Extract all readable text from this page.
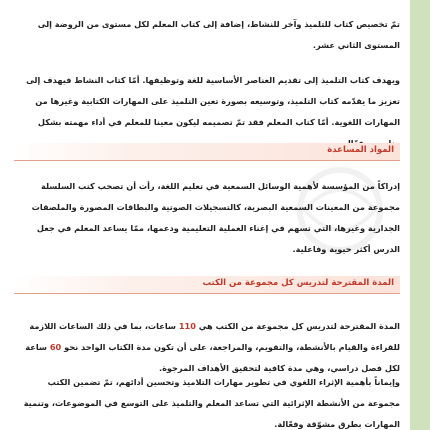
تمّ تخصيص كتاب للتلميذ وآخر للنشاط، إضافة إلى كتاب المعلم لكل مستوى من الروضة إلى المستوى الثاني عشر.

ويهدف كتاب التلميذ إلى تقديم العناصر الأساسية للغة وتوظيفها. أمّا كتاب النشاط فيهدف إلى تعزيز ما يقدّمه كتاب التلميذ، وتوسيعه بصورة تعين التلميذ على المهارات الكتابية وغيرها من المهارات اللغوية. أمّا كتاب المعلم فقد تمّ تصميمه ليكون معينا للمعلم في أداء مهمته بشكل

المواد المساعدة

إدراكاً من المؤسسة لأهمية الوسائل السمعية في تعليم اللغة، رأت أن تصحب كتب السلسلة مجموعة من المعينات السمعية البصرية، كالتسجيلات الصوتية والبطاقات المصورة والملصقات الجدارية وغيرها، التي تسهم في إغناء العملية التعليمية ودعمها، ممّا يساعد المعلم في جعل الدرس أكثر حيوية وفاعلية.

المدة المقترحة لتدريس كل مجموعة من الكتب

المدة المقترحة لتدريس كل مجموعة من الكتب هي 110 ساعات، بما في ذلك الساعات اللازمة للقراءة والقيام بالأنشطة، والتقويم، والمراجعة، على أن تكون مدة الكتاب الواحد نحو 60 ساعة لكل فصل دراسي، وهي مدة كافية لتحقيق الأهداف المرجوة.

وإيماناً بأهمية الإثراء اللغوي في تطوير مهارات التلاميذ وتحسين أدائهم، تمّ تضمين الكتب مجموعة من الأنشطة الإثرائية التي تساعد المعلم والتلميذ على التوسع في الموضوعات، وتنمية المهارات بطرق مشوّقة وفعّالة.
